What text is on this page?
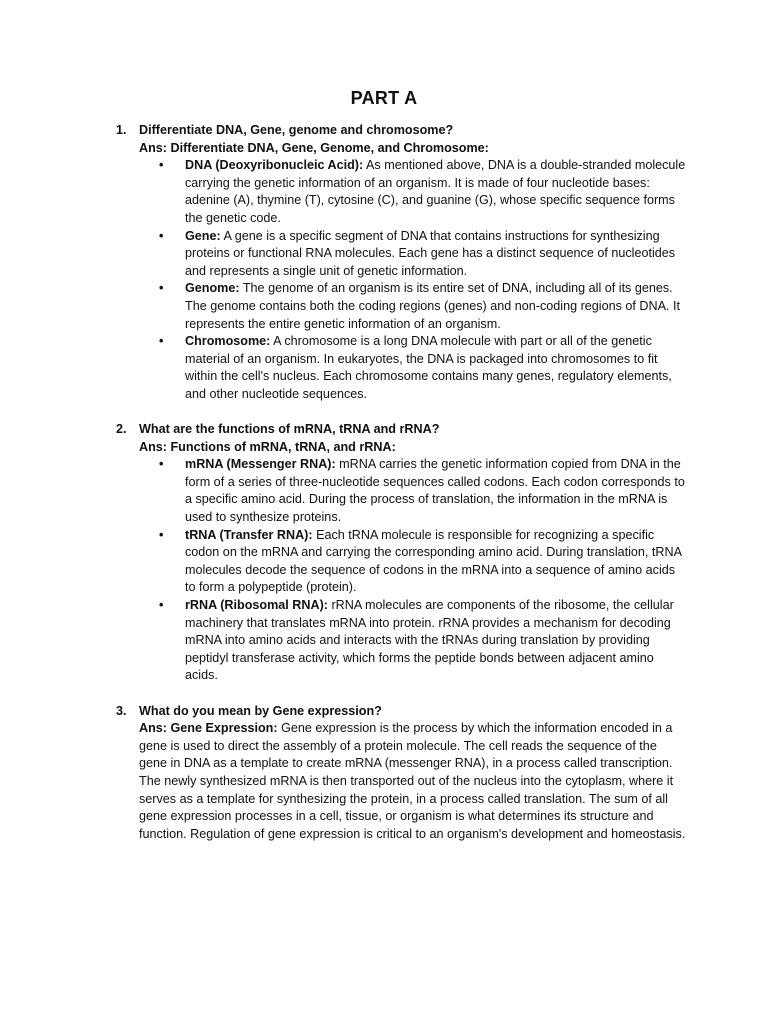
PART A
1. Differentiate DNA, Gene, genome and chromosome?
Ans: Differentiate DNA, Gene, Genome, and Chromosome:
• DNA (Deoxyribonucleic Acid): As mentioned above, DNA is a double-stranded molecule carrying the genetic information of an organism. It is made of four nucleotide bases: adenine (A), thymine (T), cytosine (C), and guanine (G), whose specific sequence forms the genetic code.
• Gene: A gene is a specific segment of DNA that contains instructions for synthesizing proteins or functional RNA molecules. Each gene has a distinct sequence of nucleotides and represents a single unit of genetic information.
• Genome: The genome of an organism is its entire set of DNA, including all of its genes. The genome contains both the coding regions (genes) and non-coding regions of DNA. It represents the entire genetic information of an organism.
• Chromosome: A chromosome is a long DNA molecule with part or all of the genetic material of an organism. In eukaryotes, the DNA is packaged into chromosomes to fit within the cell's nucleus. Each chromosome contains many genes, regulatory elements, and other nucleotide sequences.
2. What are the functions of mRNA, tRNA and rRNA?
Ans: Functions of mRNA, tRNA, and rRNA:
• mRNA (Messenger RNA): mRNA carries the genetic information copied from DNA in the form of a series of three-nucleotide sequences called codons. Each codon corresponds to a specific amino acid. During the process of translation, the information in the mRNA is used to synthesize proteins.
• tRNA (Transfer RNA): Each tRNA molecule is responsible for recognizing a specific codon on the mRNA and carrying the corresponding amino acid. During translation, tRNA molecules decode the sequence of codons in the mRNA into a sequence of amino acids to form a polypeptide (protein).
• rRNA (Ribosomal RNA): rRNA molecules are components of the ribosome, the cellular machinery that translates mRNA into protein. rRNA provides a mechanism for decoding mRNA into amino acids and interacts with the tRNAs during translation by providing peptidyl transferase activity, which forms the peptide bonds between adjacent amino acids.
3. What do you mean by Gene expression?
Ans: Gene Expression: Gene expression is the process by which the information encoded in a gene is used to direct the assembly of a protein molecule. The cell reads the sequence of the gene in DNA as a template to create mRNA (messenger RNA), in a process called transcription. The newly synthesized mRNA is then transported out of the nucleus into the cytoplasm, where it serves as a template for synthesizing the protein, in a process called translation. The sum of all gene expression processes in a cell, tissue, or organism is what determines its structure and function. Regulation of gene expression is critical to an organism's development and homeostasis.
